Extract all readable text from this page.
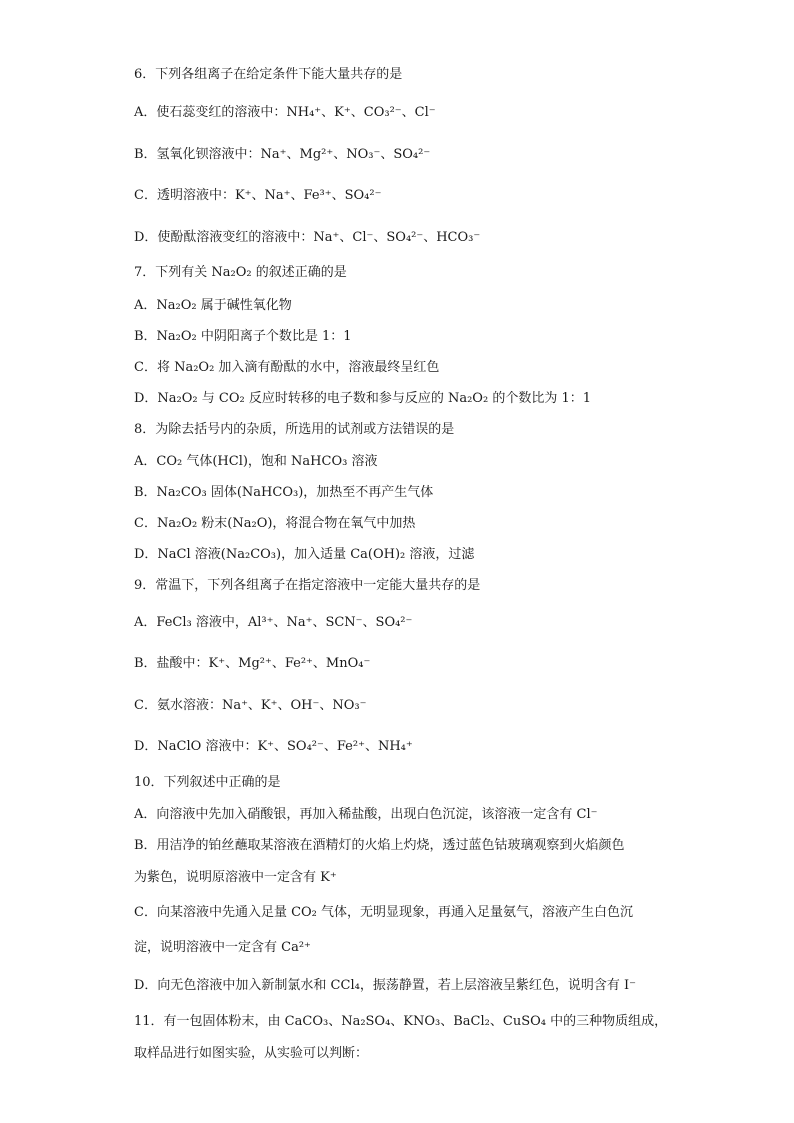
6．下列各组离子在给定条件下能大量共存的是
A．使石蕊变红的溶液中：NH₄⁺、K⁺、CO₃²⁻、Cl⁻
B．氢氧化钡溶液中：Na⁺、Mg²⁺、NO₃⁻、SO₄²⁻
C．透明溶液中：K⁺、Na⁺、Fe³⁺、SO₄²⁻
D．使酚酞溶液变红的溶液中：Na⁺、Cl⁻、SO₄²⁻、HCO₃⁻
7．下列有关 Na₂O₂ 的叙述正确的是
A．Na₂O₂ 属于碱性氧化物
B．Na₂O₂ 中阴阳离子个数比是 1：1
C．将 Na₂O₂ 加入滴有酚酞的水中，溶液最终呈红色
D．Na₂O₂ 与 CO₂ 反应时转移的电子数和参与反应的 Na₂O₂ 的个数比为 1：1
8．为除去括号内的杂质，所选用的试剂或方法错误的是
A．CO₂ 气体(HCl)，饱和 NaHCO₃ 溶液
B．Na₂CO₃ 固体(NaHCO₃)，加热至不再产生气体
C．Na₂O₂ 粉末(Na₂O)，将混合物在氧气中加热
D．NaCl 溶液(Na₂CO₃)，加入适量 Ca(OH)₂ 溶液，过滤
9．常温下，下列各组离子在指定溶液中一定能大量共存的是
A．FeCl₃ 溶液中，Al³⁺、Na⁺、SCN⁻、SO₄²⁻
B．盐酸中：K⁺、Mg²⁺、Fe²⁺、MnO₄⁻
C．氨水溶液：Na⁺、K⁺、OH⁻、NO₃⁻
D．NaClO 溶液中：K⁺、SO₄²⁻、Fe²⁺、NH₄⁺
10．下列叙述中正确的是
A．向溶液中先加入硝酸银，再加入稀盐酸，出现白色沉淀，该溶液一定含有 Cl⁻
B．用洁净的铂丝蘸取某溶液在酒精灯的火焰上灼烧，透过蓝色钴玻璃观察到火焰颜色
为紫色，说明原溶液中一定含有 K⁺
C．向某溶液中先通入足量 CO₂ 气体，无明显现象，再通入足量氨气，溶液产生白色沉
淀，说明溶液中一定含有 Ca²⁺
D．向无色溶液中加入新制氯水和 CCl₄，振荡静置，若上层溶液呈紫红色，说明含有 I⁻
11．有一包固体粉末，由 CaCO₃、Na₂SO₄、KNO₃、BaCl₂、CuSO₄ 中的三种物质组成，
取样品进行如图实验，从实验可以判断：
